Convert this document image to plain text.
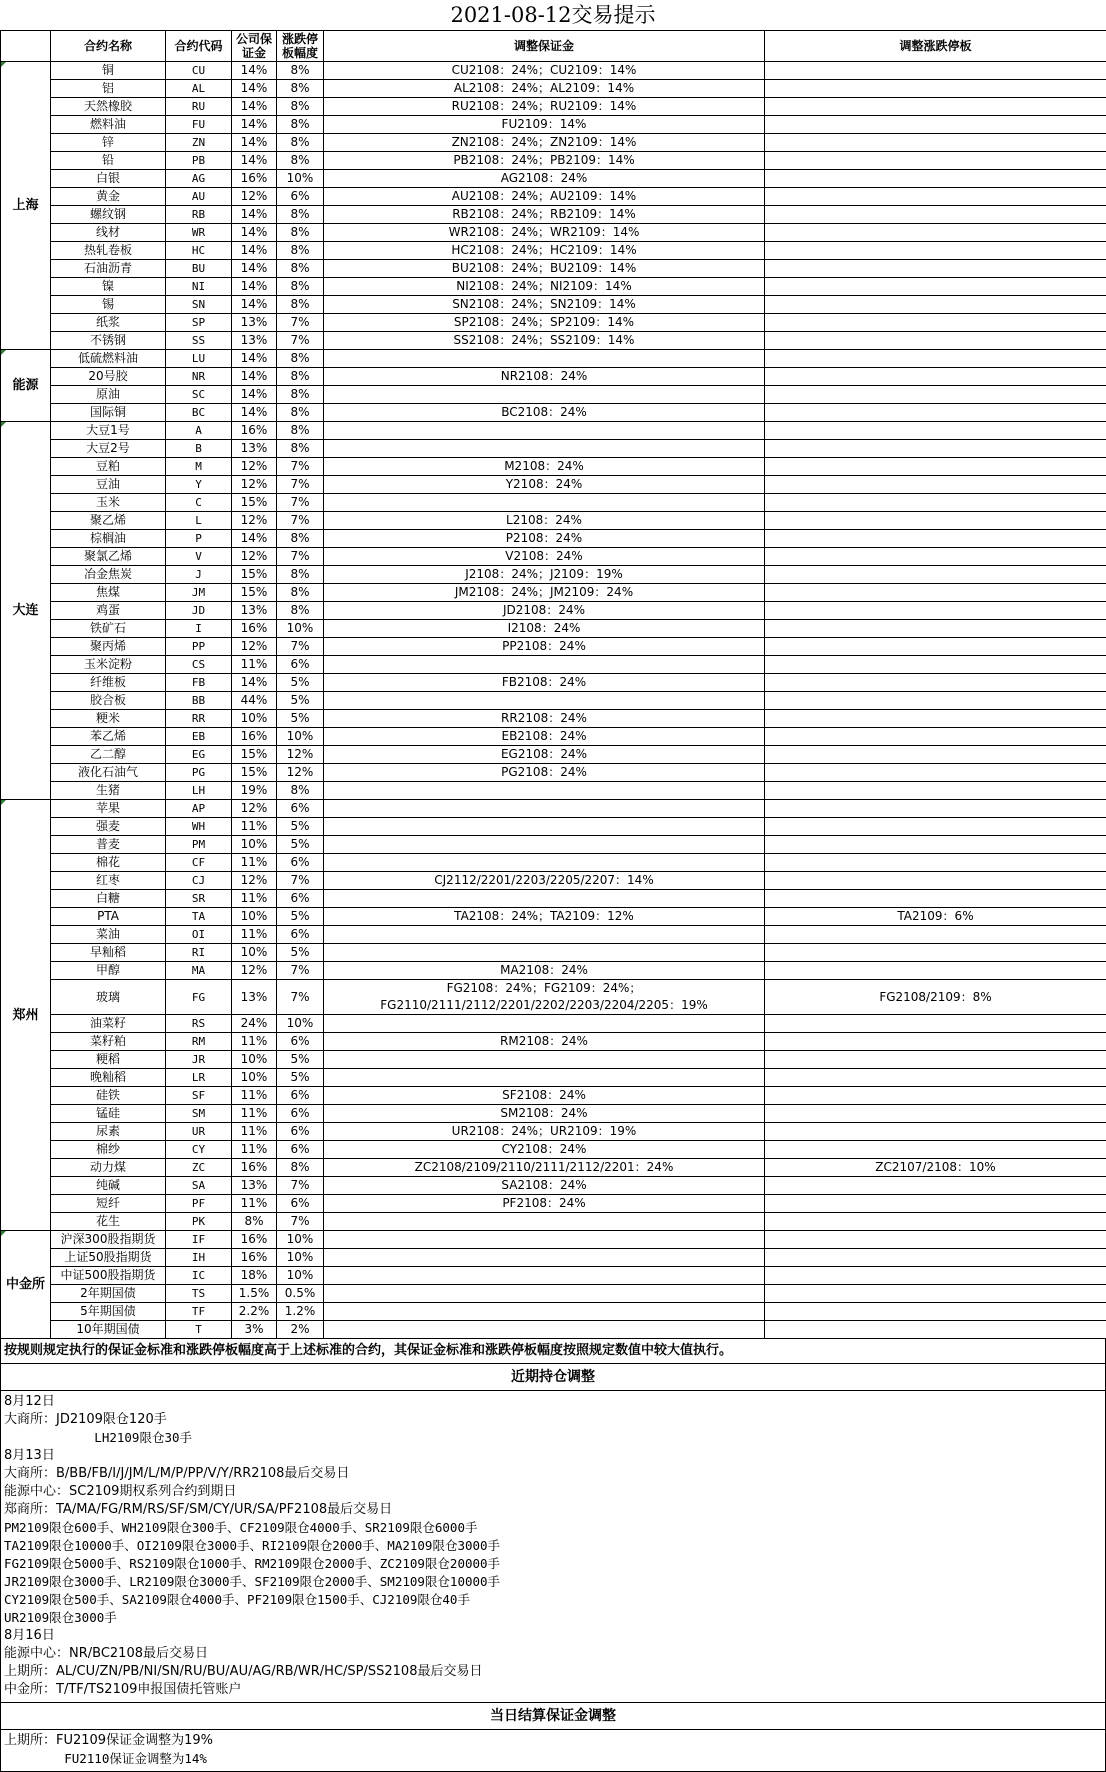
2021-08-12交易提示
	合约名称	合约代码	公司保证金	涨跌停板幅度	调整保证金	调整涨跌停板

上海	铜	CU	14%	8%	CU2108：24%；CU2109：14%	
	铝	AL	14%	8%	AL2108：24%；AL2109：14%	
	天然橡胶	RU	14%	8%	RU2108：24%；RU2109：14%	
	燃料油	FU	14%	8%	FU2109：14%	
	锌	ZN	14%	8%	ZN2108：24%；ZN2109：14%	
	铅	PB	14%	8%	PB2108：24%；PB2109：14%	
	白银	AG	16%	10%	AG2108：24%	
	黄金	AU	12%	6%	AU2108：24%；AU2109：14%	
	螺纹钢	RB	14%	8%	RB2108：24%；RB2109：14%	
	线材	WR	14%	8%	WR2108：24%；WR2109：14%	
	热轧卷板	HC	14%	8%	HC2108：24%；HC2109：14%	
	石油沥青	BU	14%	8%	BU2108：24%；BU2109：14%	
	镍	NI	14%	8%	NI2108：24%；NI2109：14%	
	锡	SN	14%	8%	SN2108：24%；SN2109：14%	
	纸浆	SP	13%	7%	SP2108：24%；SP2109：14%	
	不锈钢	SS	13%	7%	SS2108：24%；SS2109：14%	

能源	低硫燃料油	LU	14%	8%		
	20号胶	NR	14%	8%	NR2108：24%	
	原油	SC	14%	8%		
	国际铜	BC	14%	8%	BC2108：24%	

大连	大豆1号	A	16%	8%		
	大豆2号	B	13%	8%		
	豆粕	M	12%	7%	M2108：24%	
	豆油	Y	12%	7%	Y2108：24%	
	玉米	C	15%	7%		
	聚乙烯	L	12%	7%	L2108：24%	
	棕榈油	P	14%	8%	P2108：24%	
	聚氯乙烯	V	12%	7%	V2108：24%	
	冶金焦炭	J	15%	8%	J2108：24%；J2109：19%	
	焦煤	JM	15%	8%	JM2108：24%；JM2109：24%	
	鸡蛋	JD	13%	8%	JD2108：24%	
	铁矿石	I	16%	10%	I2108：24%	
	聚丙烯	PP	12%	7%	PP2108：24%	
	玉米淀粉	CS	11%	6%		
	纤维板	FB	14%	5%	FB2108：24%	
	胶合板	BB	44%	5%		
	粳米	RR	10%	5%	RR2108：24%	
	苯乙烯	EB	16%	10%	EB2108：24%	
	乙二醇	EG	15%	12%	EG2108：24%	
	液化石油气	PG	15%	12%	PG2108：24%	
	生猪	LH	19%	8%		

郑州	苹果	AP	12%	6%		
	强麦	WH	11%	5%		
	普麦	PM	10%	5%		
	棉花	CF	11%	6%		
	红枣	CJ	12%	7%	CJ2112/2201/2203/2205/2207：14%	
	白糖	SR	11%	6%		
	PTA	TA	10%	5%	TA2108：24%；TA2109：12%	TA2109：6%
	菜油	OI	11%	6%		
	早籼稻	RI	10%	5%		
	甲醇	MA	12%	7%	MA2108：24%	
	玻璃	FG	13%	7%	FG2108：24%；FG2109：24%；
FG2110/2111/2112/2201/2202/2203/2204/2205：19%	FG2108/2109：8%
	油菜籽	RS	24%	10%		
	菜籽粕	RM	11%	6%	RM2108：24%	
	粳稻	JR	10%	5%		
	晚籼稻	LR	10%	5%		
	硅铁	SF	11%	6%	SF2108：24%	
	锰硅	SM	11%	6%	SM2108：24%	
	尿素	UR	11%	6%	UR2108：24%；UR2109：19%	
	棉纱	CY	11%	6%	CY2108：24%	
	动力煤	ZC	16%	8%	ZC2108/2109/2110/2111/2112/2201：24%	ZC2107/2108：10%
	纯碱	SA	13%	7%	SA2108：24%	
	短纤	PF	11%	6%	PF2108：24%	
	花生	PK	8%	7%		

中金所	沪深300股指期货	IF	16%	10%		
	上证50股指期货	IH	16%	10%		
	中证500股指期货	IC	18%	10%		
	2年期国债	TS	1.5%	0.5%		
	5年期国债	TF	2.2%	1.2%		
	10年期国债	T	3%	2%		
按规则规定执行的保证金标准和涨跌停板幅度高于上述标准的合约，其保证金标准和涨跌停板幅度按照规定数值中较大值执行。
近期持仓调整
8月12日
大商所：JD2109限仓120手
LH2109限仓30手
8月13日
大商所：B/BB/FB/I/J/JM/L/M/P/PP/V/Y/RR2108最后交易日
能源中心：SC2109期权系列合约到期日
郑商所：TA/MA/FG/RM/RS/SF/SM/CY/UR/SA/PF2108最后交易日
PM2109限仓600手、WH2109限仓300手、CF2109限仓4000手、SR2109限仓6000手
TA2109限仓10000手、OI2109限仓3000手、RI2109限仓2000手、MA2109限仓3000手
FG2109限仓5000手、RS2109限仓1000手、RM2109限仓2000手、ZC2109限仓20000手
JR2109限仓3000手、LR2109限仓3000手、SF2109限仓2000手、SM2109限仓10000手
CY2109限仓500手、SA2109限仓4000手、PF2109限仓1500手、CJ2109限仓40手
UR2109限仓3000手
8月16日
能源中心：NR/BC2108最后交易日
上期所：AL/CU/ZN/PB/NI/SN/RU/BU/AU/AG/RB/WR/HC/SP/SS2108最后交易日
中金所：T/TF/TS2109申报国债托管账户
当日结算保证金调整
上期所：FU2109保证金调整为19%
FU2110保证金调整为14%
